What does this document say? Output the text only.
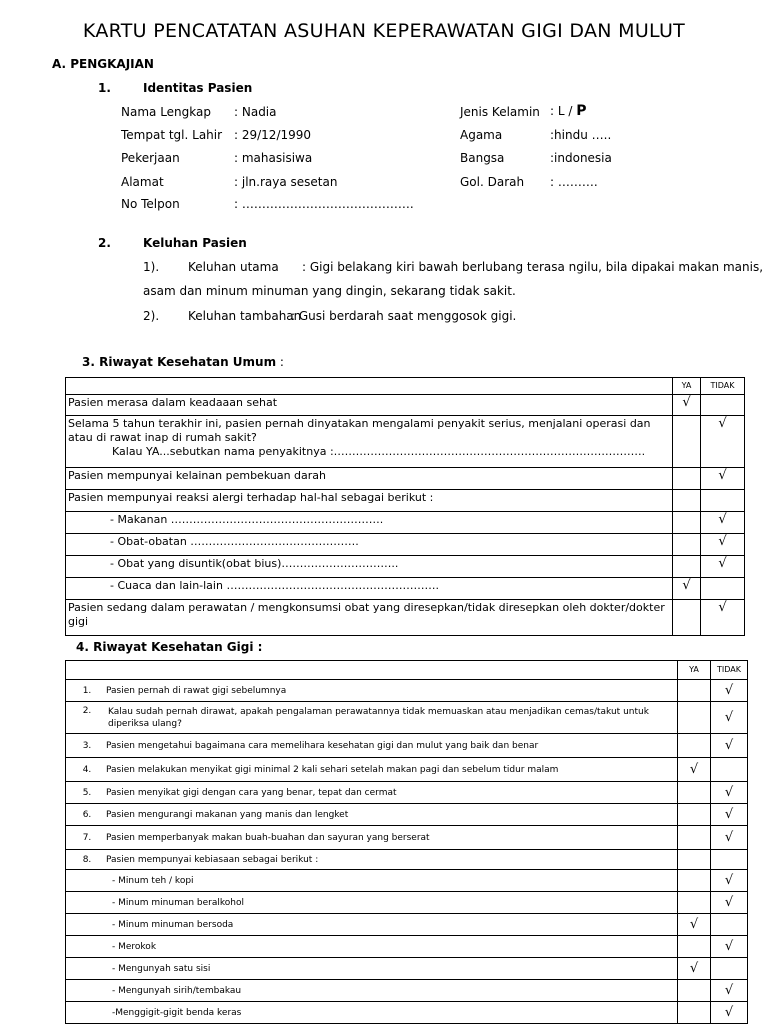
KARTU PENCATATAN ASUHAN KEPERAWATAN GIGI DAN MULUT
A. PENGKAJIAN
1.	Identitas Pasien
Nama Lengkap : Nadia
Tempat tgl. Lahir : 29/12/1990
Pekerjaan	: mahasisiwa
Alamat	: jln.raya sesetan
No Telpon	: …………………………………….
Jenis Kelamin : L / P
Agama	:hindu …..
Bangsa	:indonesia
Gol. Darah : ……….
2.	Keluhan Pasien
1). Keluhan utama : Gigi belakang kiri bawah berlubang terasa ngilu, bila dipakai makan manis,
asam dan minum minuman yang dingin, sekarang tidak sakit.
2). Keluhan tambahan
: Gusi berdarah saat menggosok gigi.
3. Riwayat Kesehatan Umum :
	YA	TIDAK
Pasien merasa dalam keadaaan sehat	√	

Selama 5 tahun terakhir ini, pasien pernah dinyatakan mengalami penyakit serius, menjalani operasi dan atau di rawat inap di rumah sakit?
Kalau YA...sebutkan nama penyakitnya :………………………………………………………………………….		√
Pasien mempunyai kelainan pembekuan darah		√
Pasien mempunyai reaksi alergi terhadap hal-hal sebagai berikut :		
- Makanan ………………………………………………….		√
- Obat-obatan ……………………………………….		√
- Obat yang disuntik(obat bius)…………………………..		√
- Cuaca dan lain-lain ………………………………………………….	√	
Pasien sedang dalam perawatan / mengkonsumsi obat yang diresepkan/tidak diresepkan oleh dokter/dokter gigi		√
4. Riwayat Kesehatan Gigi :
	YA	TIDAK
1. Pasien pernah di rawat gigi sebelumnya		√

2. Kalau sudah pernah dirawat, apakah pengalaman perawatannya tidak memuaskan atau menjadikan cemas/takut untuk diperiksa ulang?		√
3. Pasien mengetahui bagaimana cara memelihara kesehatan gigi dan mulut yang baik dan benar		√
4. Pasien melakukan menyikat gigi minimal 2 kali sehari setelah makan pagi dan sebelum tidur malam	√	
5. Pasien menyikat gigi dengan cara yang benar, tepat dan cermat		√
6. Pasien mengurangi makanan yang manis dan lengket		√
7. Pasien memperbanyak makan buah-buahan dan sayuran yang berserat		√
8. Pasien mempunyai kebiasaan sebagai berikut :		
- Minum teh / kopi		√
- Minum minuman beralkohol		√
- Minum minuman bersoda	√	
- Merokok		√
- Mengunyah satu sisi	√	
- Mengunyah sirih/tembakau		√
-Menggigit-gigit benda keras		√
